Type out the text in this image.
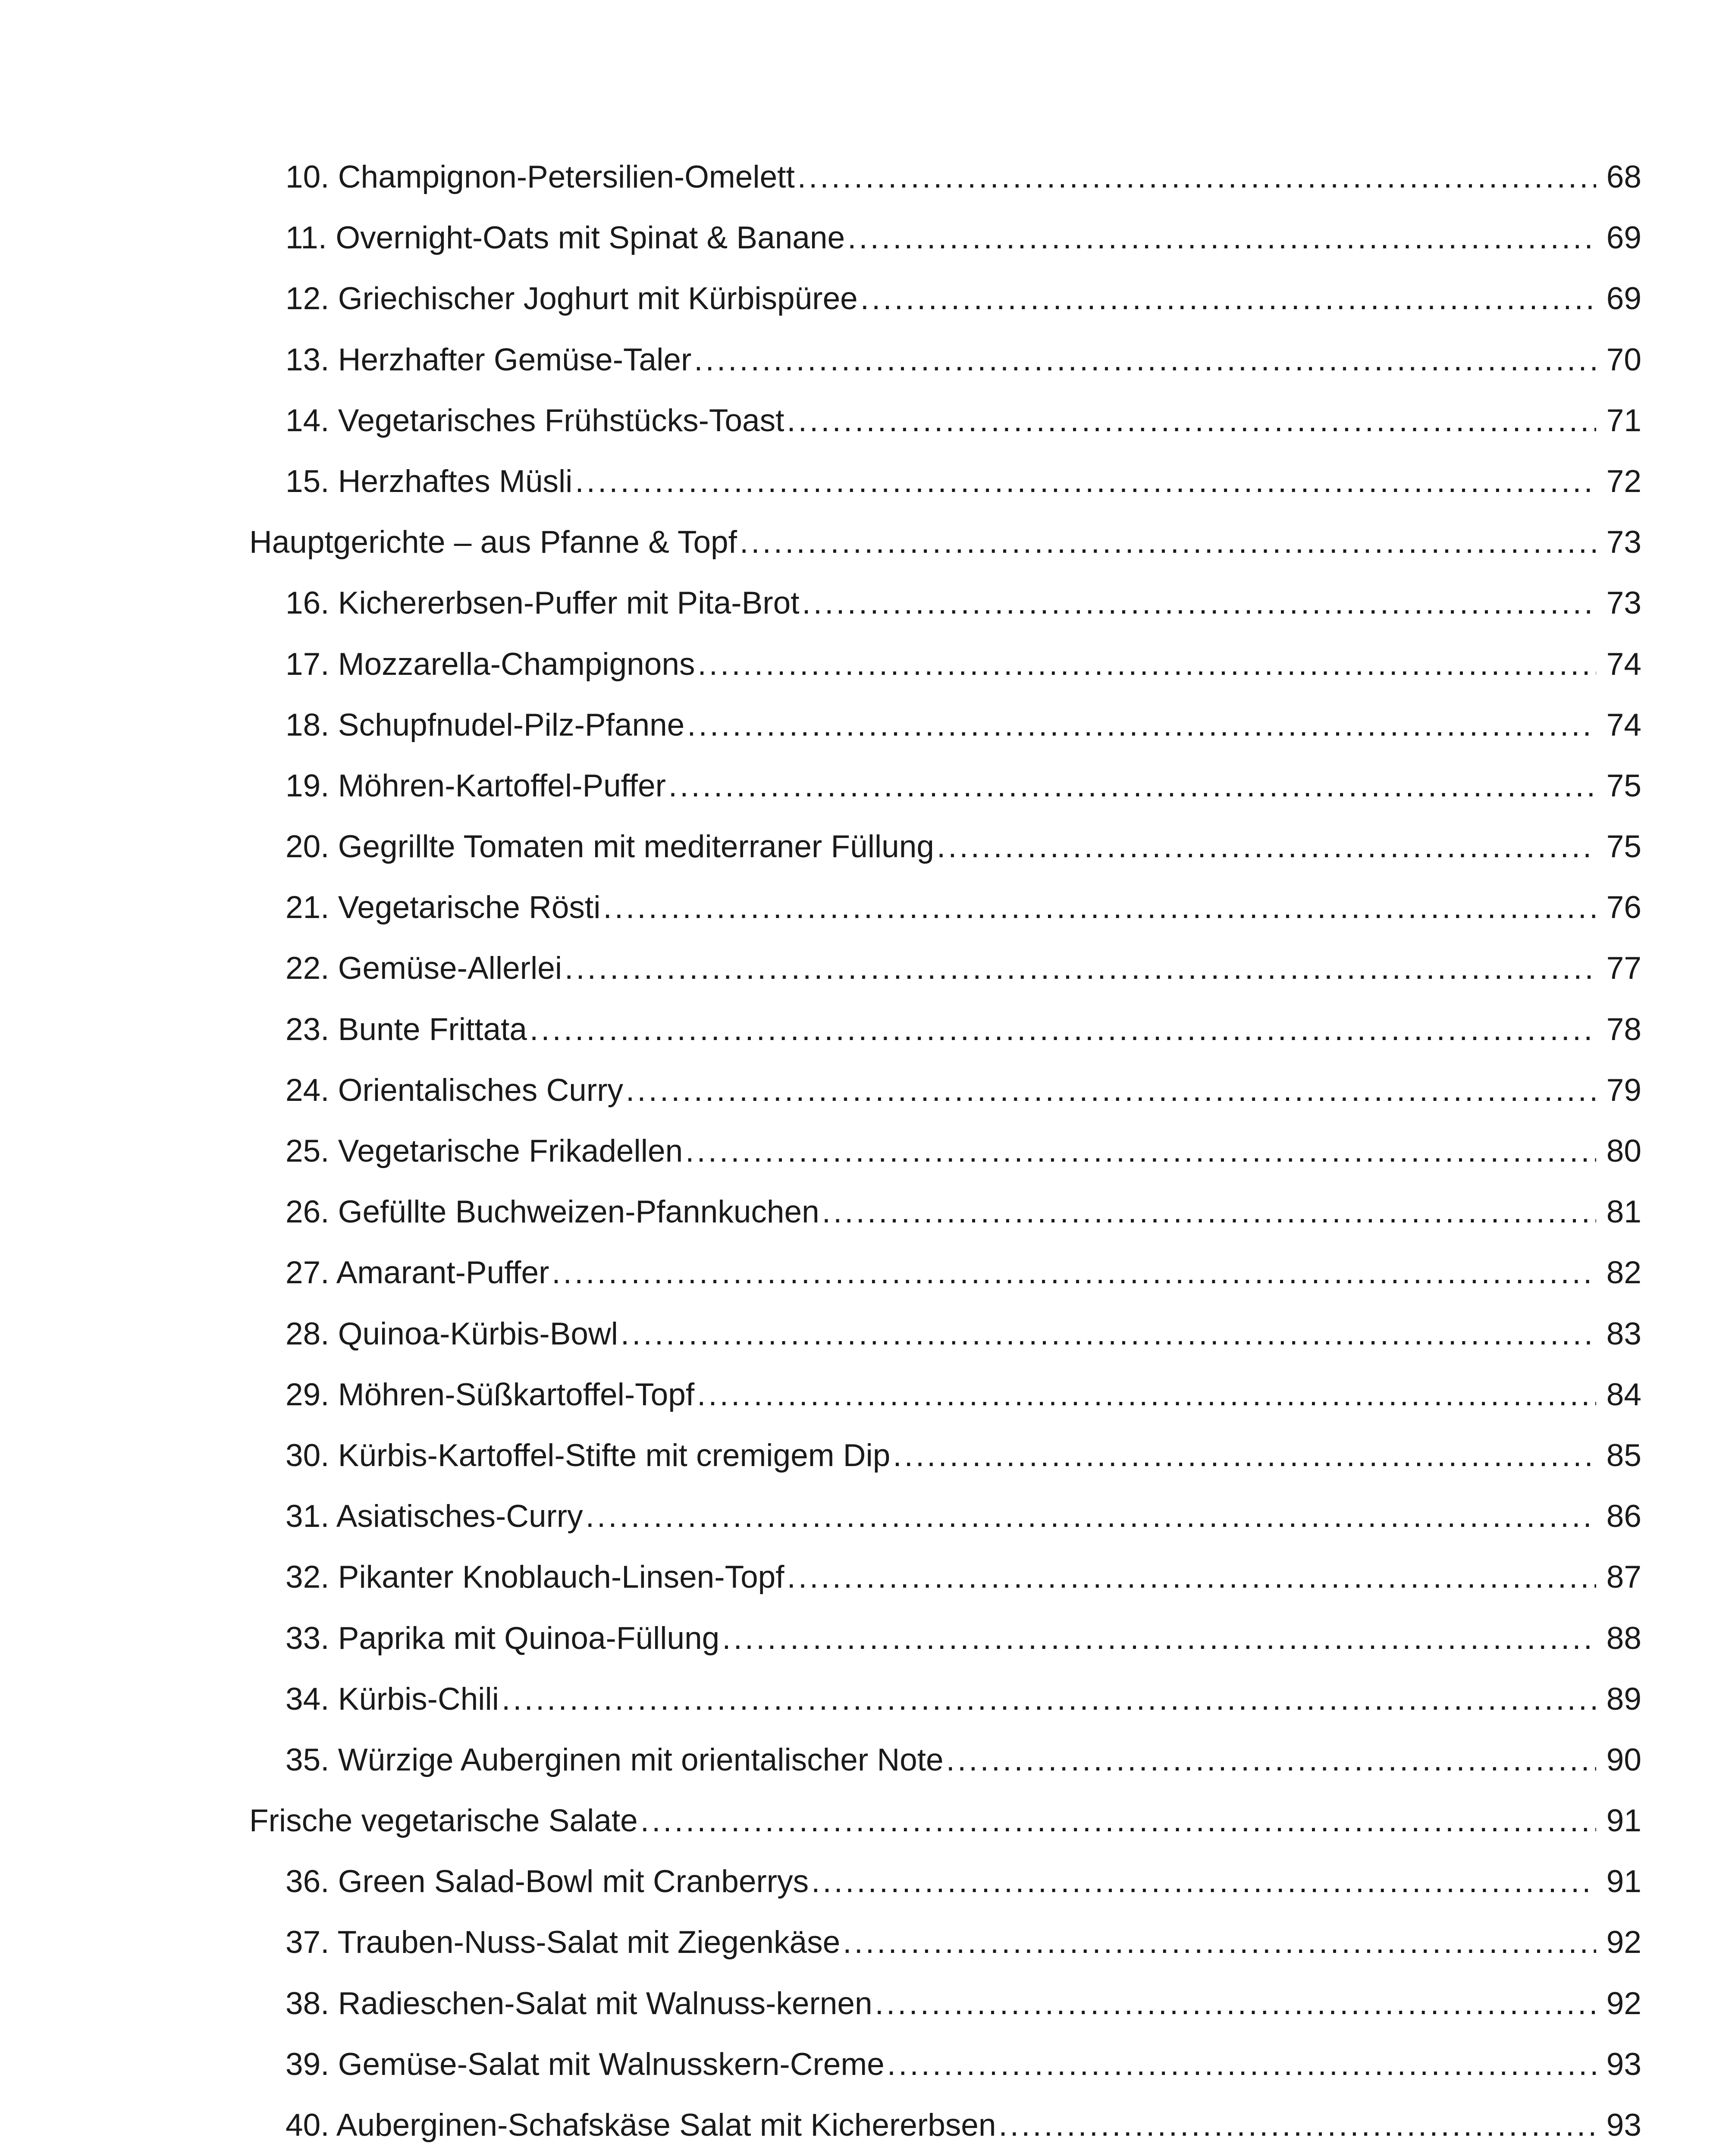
10. Champignon-Petersilien-Omelett .....	68
11. Overnight-Oats mit Spinat & Banane .....	69
12. Griechischer Joghurt mit Kürbispüree .....	69
13. Herzhafter Gemüse-Taler .....	70
14. Vegetarisches Frühstücks-Toast .....	71
15. Herzhaftes Müsli .....	72
Hauptgerichte – aus Pfanne & Topf .....	73
16. Kichererbsen-Puffer mit Pita-Brot .....	73
17. Mozzarella-Champignons .....	74
18. Schupfnudel-Pilz-Pfanne .....	74
19. Möhren-Kartoffel-Puffer .....	75
20. Gegrillte Tomaten mit mediterraner Füllung .....	75
21. Vegetarische Rösti .....	76
22. Gemüse-Allerlei .....	77
23. Bunte Frittata .....	78
24. Orientalisches Curry .....	79
25. Vegetarische Frikadellen .....	80
26. Gefüllte Buchweizen-Pfannkuchen .....	81
27. Amarant-Puffer .....	82
28. Quinoa-Kürbis-Bowl .....	83
29. Möhren-Süßkartoffel-Topf .....	84
30. Kürbis-Kartoffel-Stifte mit cremigem Dip .....	85
31. Asiatisches-Curry .....	86
32. Pikanter Knoblauch-Linsen-Topf .....	87
33. Paprika mit Quinoa-Füllung .....	88
34. Kürbis-Chili .....	89
35. Würzige Auberginen mit orientalischer Note .....	90
Frische vegetarische Salate .....	91
36. Green Salad-Bowl mit Cranberrys .....	91
37. Trauben-Nuss-Salat mit Ziegenkäse .....	92
38. Radieschen-Salat mit Walnuss-kernen .....	92
39. Gemüse-Salat mit Walnusskern-Creme .....	93
40. Auberginen-Schafskäse Salat mit Kichererbsen .....	93
.....
